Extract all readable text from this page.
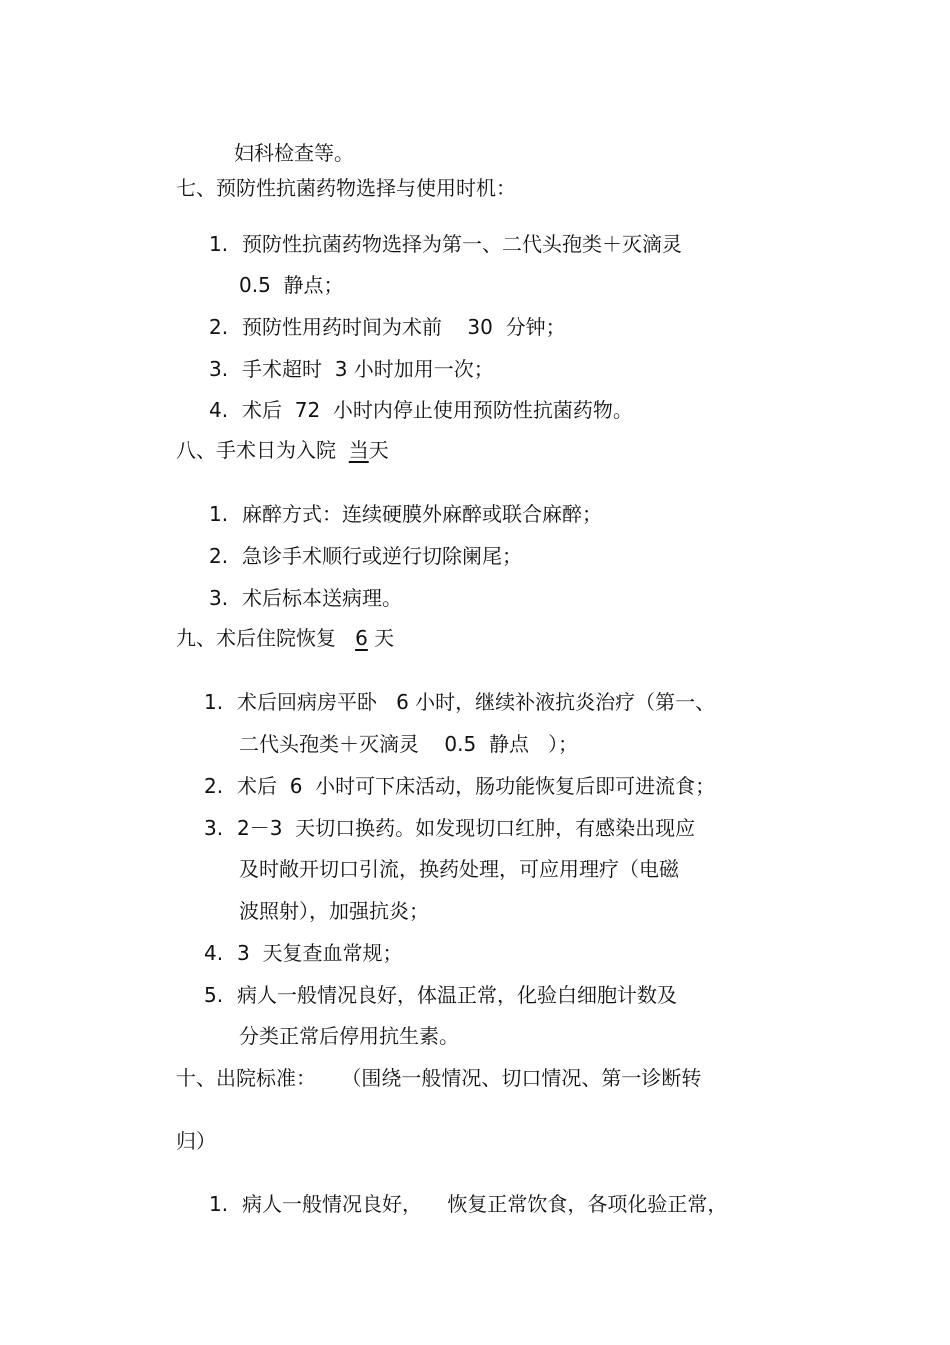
妇科检查等。
七、预防性抗菌药物选择与使用时机：
1. 预防性抗菌药物选择为第一、二代头孢类＋灭滴灵
0.5  静点；
2. 预防性用药时间为术前    30  分钟；
3. 手术超时  3 小时加用一次；
4. 术后  72  小时内停止使用预防性抗菌药物。
八、手术日为入院  当天
1. 麻醉方式：连续硬膜外麻醉或联合麻醉；
2. 急诊手术顺行或逆行切除阑尾；
3. 术后标本送病理。
九、术后住院恢复   6 天
1. 术后回病房平卧   6 小时，继续补液抗炎治疗（第一、
二代头孢类＋灭滴灵    0.5  静点   ）；
2. 术后  6  小时可下床活动，肠功能恢复后即可进流食；
3. 2－3  天切口换药。如发现切口红肿，有感染出现应
及时敞开切口引流，换药处理，可应用理疗（电磁
波照射），加强抗炎；
4. 3  天复查血常规；
5. 病人一般情况良好，体温正常，化验白细胞计数及
分类正常后停用抗生素。
十、出院标准：    （围绕一般情况、切口情况、第一诊断转
归）
1. 病人一般情况良好，    恢复正常饮食，各项化验正常，
